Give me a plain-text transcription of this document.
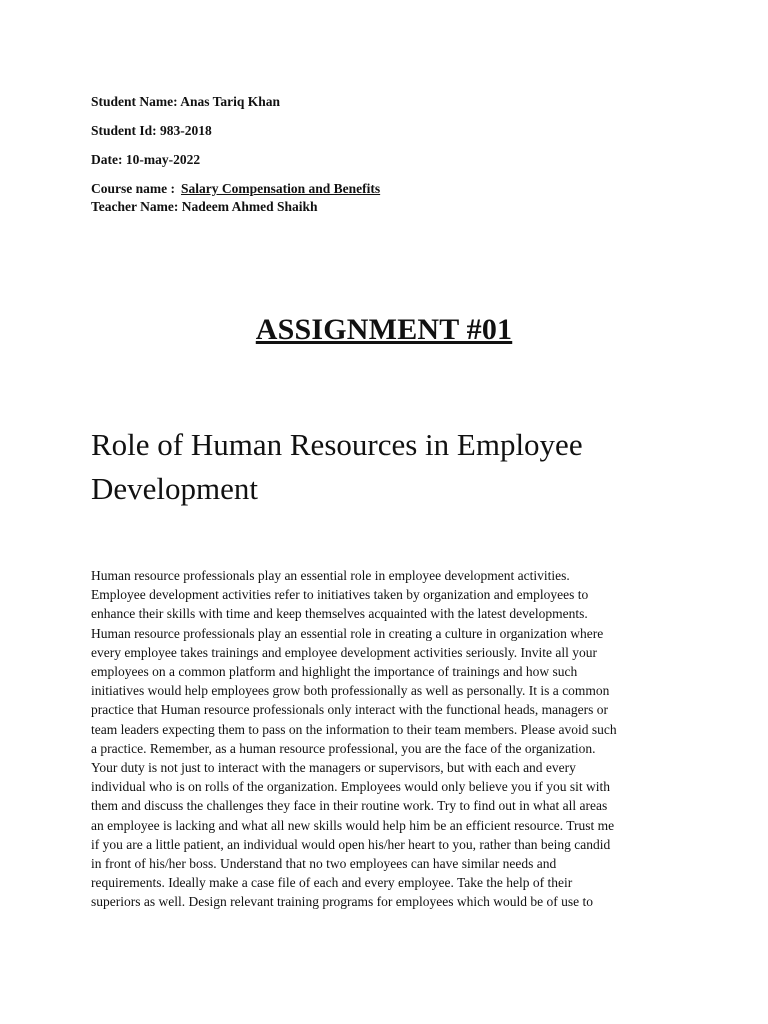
Student Name: Anas Tariq Khan
Student Id: 983-2018
Date: 10-may-2022
Course name : Salary Compensation and Benefits
Teacher Name: Nadeem Ahmed Shaikh
ASSIGNMENT #01
Role of Human Resources in Employee Development
Human resource professionals play an essential role in employee development activities.
Employee development activities refer to initiatives taken by organization and employees to
enhance their skills with time and keep themselves acquainted with the latest developments.
Human resource professionals play an essential role in creating a culture in organization where
every employee takes trainings and employee development activities seriously. Invite all your
employees on a common platform and highlight the importance of trainings and how such
initiatives would help employees grow both professionally as well as personally. It is a common
practice that Human resource professionals only interact with the functional heads, managers or
team leaders expecting them to pass on the information to their team members. Please avoid such
a practice. Remember, as a human resource professional, you are the face of the organization.
Your duty is not just to interact with the managers or supervisors, but with each and every
individual who is on rolls of the organization. Employees would only believe you if you sit with
them and discuss the challenges they face in their routine work. Try to find out in what all areas
an employee is lacking and what all new skills would help him be an efficient resource. Trust me
if you are a little patient, an individual would open his/her heart to you, rather than being candid
in front of his/her boss. Understand that no two employees can have similar needs and
requirements. Ideally make a case file of each and every employee. Take the help of their
superiors as well. Design relevant training programs for employees which would be of use to
